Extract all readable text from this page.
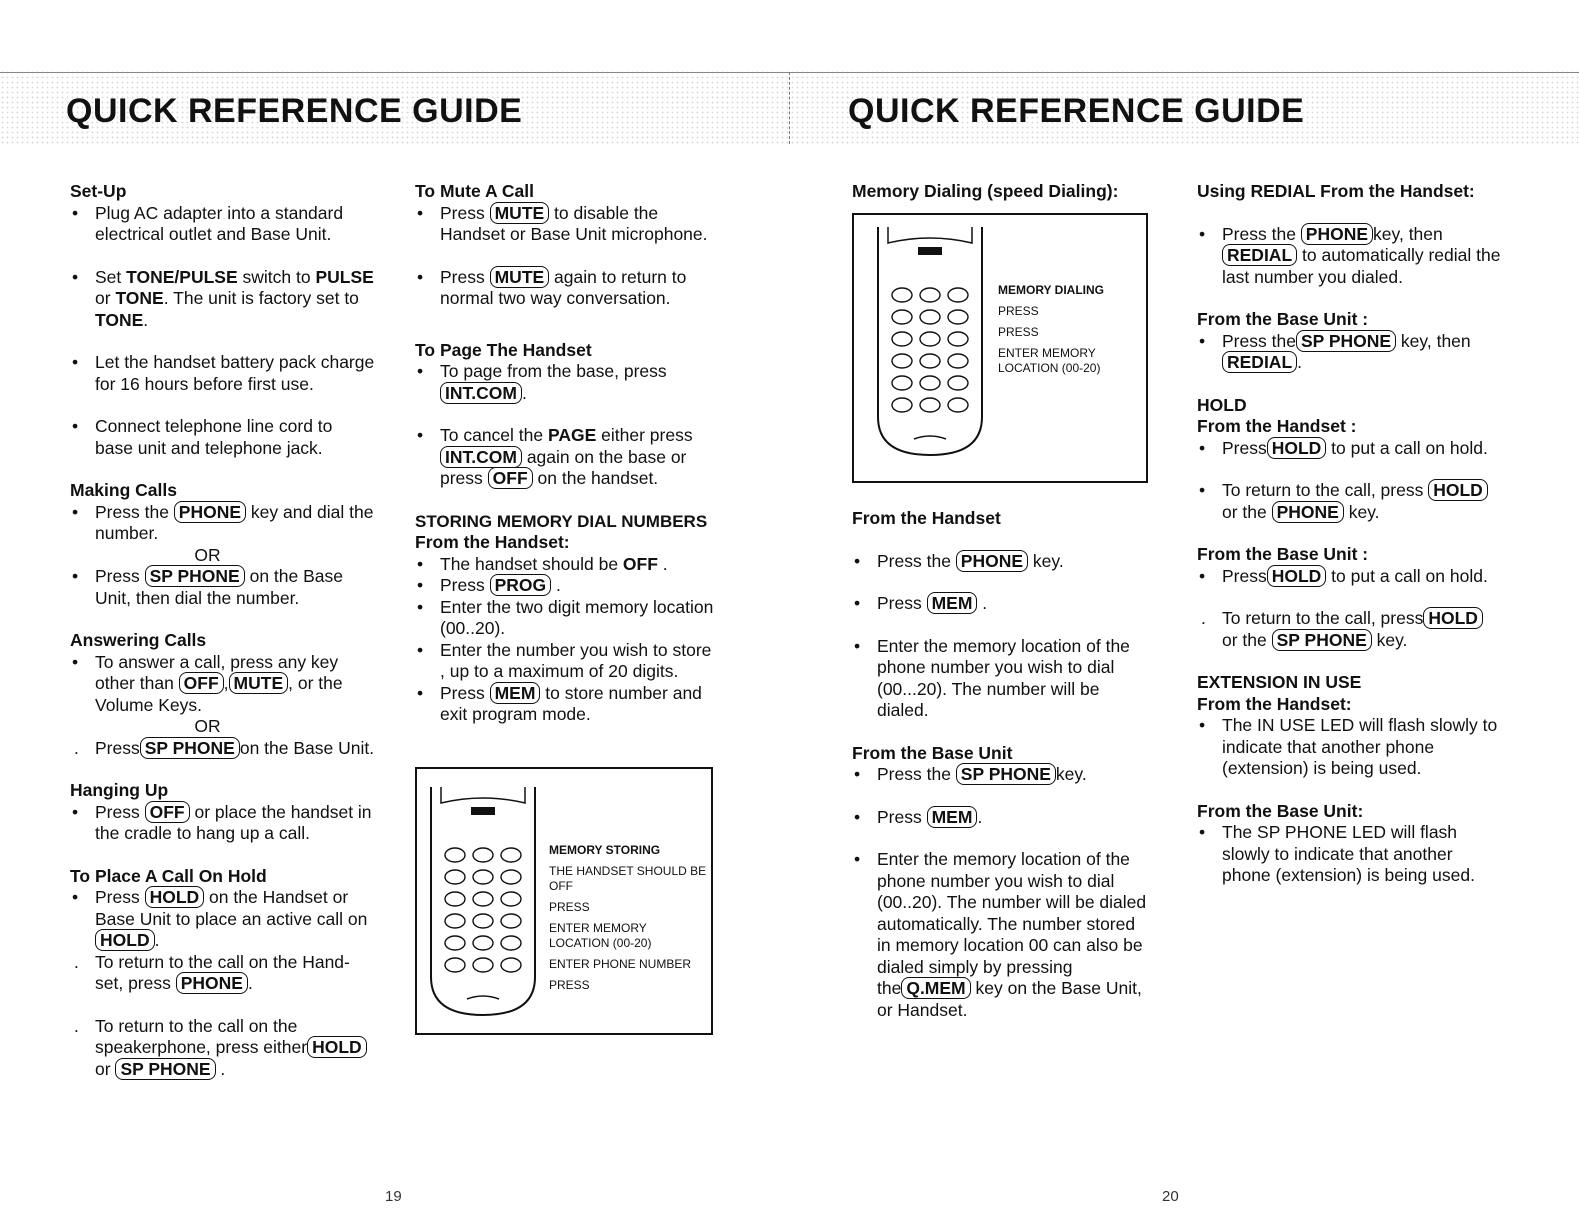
QUICK REFERENCE GUIDE

Set-Up

• Plug AC adapter into a standard electrical outlet and Base Unit.
• Set TONE/PULSE switch to PULSE or TONE. The unit is factory set to TONE.
• Let the handset battery pack charge for 16 hours before first use.
• Connect telephone line cord to base unit and telephone jack.

Making Calls

• Press the PHONE key and dial the number.
OR
• Press SP PHONE on the Base Unit, then dial the number.

Answering Calls

• To answer a call, press any key other than OFF , MUTE , or the Volume Keys.
OR
. Press SP PHONE on the Base Unit.

Hanging Up

• Press OFF or place the handset in the cradle to hang up a call.

To Place A Call On Hold

• Press HOLD on the Handset or Base Unit to place an active call on HOLD .
. To return to the call on the Hand-set, press PHONE .
. To return to the call on the speakerphone, press either HOLD or SP PHONE .

To Mute A Call

• Press MUTE to disable the Handset or Base Unit microphone.
• Press MUTE again to return to normal two way conversation.

To Page The Handset

• To page from the base, press INT.COM .
• To cancel the PAGE either press INT.COM again on the base or press OFF on the handset.

STORING MEMORY DIAL NUMBERS

From the Handset:

• The handset should be OFF .
• Press PROG .
• Enter the two digit memory location (00..20).
• Enter the number you wish to store , up to a maximum of 20 digits.
• Press MEM to store number and exit program mode.
MEMORY STORING
THE HANDSET SHOULD BE OFF
PRESS
ENTER MEMORY LOCATION (00-20)
ENTER PHONE NUMBER
PRESS
19
QUICK REFERENCE GUIDE

Memory Dialing (speed Dialing):

MEMORY DIALING
PRESS
PRESS
ENTER MEMORY LOCATION (00-20)

From the Handset

• Press the PHONE key.
• Press MEM .
• Enter the memory location of the phone number you wish to dial (00...20). The number will be dialed.

From the Base Unit

• Press the SP PHONE key.
• Press MEM .
• Enter the memory location of the phone number you wish to dial (00..20). The number will be dialed automatically. The number stored in memory location 00 can also be dialed simply by pressing the Q.MEM key on the Base Unit, or Handset.

Using REDIAL From the Handset:

• Press the PHONE key, then REDIAL to automatically redial the last number you dialed.

From the Base Unit :

• Press the SP PHONE key, then REDIAL .

HOLD

From the Handset :

• Press HOLD to put a call on hold.
• To return to the call, press HOLD or the PHONE key.

From the Base Unit :

• Press HOLD to put a call on hold.
. To return to the call, press HOLD or the SP PHONE key.

EXTENSION IN USE

From the Handset:

• The IN USE LED will flash slowly to indicate that another phone (extension) is being used.

From the Base Unit:

• The SP PHONE LED will flash slowly to indicate that another phone (extension) is being used.
20
